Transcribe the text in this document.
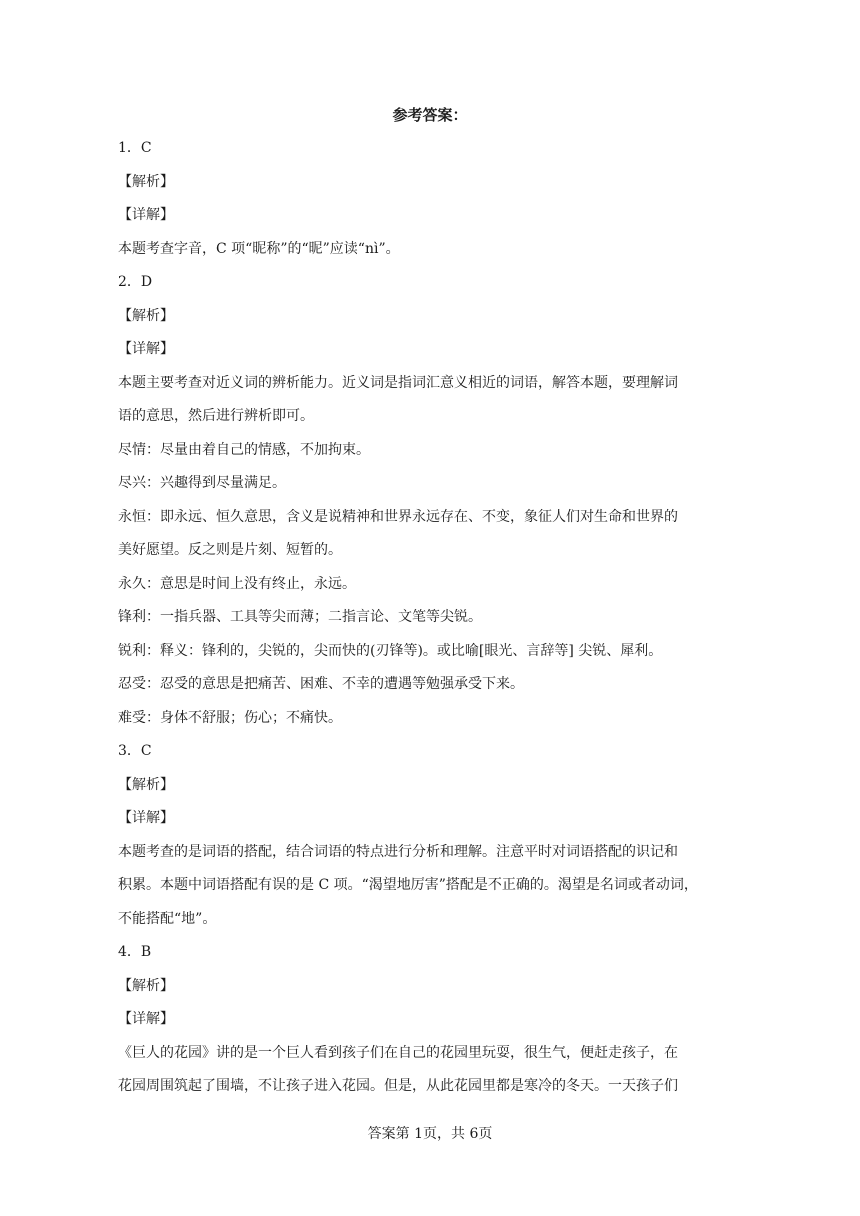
参考答案：
1．C
【解析】
【详解】
本题考查字音，C 项“昵称”的“昵”应读“nì”。
2．D
【解析】
【详解】
本题主要考查对近义词的辨析能力。近义词是指词汇意义相近的词语，解答本题，要理解词
语的意思，然后进行辨析即可。
尽情：尽量由着自己的情感，不加拘束。
尽兴：兴趣得到尽量满足。
永恒：即永远、恒久意思，含义是说精神和世界永远存在、不变，象征人们对生命和世界的
美好愿望。反之则是片刻、短暂的。
永久：意思是时间上没有终止，永远。
锋利：一指兵器、工具等尖而薄；二指言论、文笔等尖锐。
锐利：释义：锋利的，尖锐的，尖而快的(刃锋等)。或比喻[眼光、言辞等] 尖锐、犀利。
忍受：忍受的意思是把痛苦、困难、不幸的遭遇等勉强承受下来。
难受：身体不舒服；伤心；不痛快。
3．C
【解析】
【详解】
本题考查的是词语的搭配，结合词语的特点进行分析和理解。注意平时对词语搭配的识记和
积累。本题中词语搭配有误的是 C 项。“渴望地厉害”搭配是不正确的。渴望是名词或者动词，
不能搭配“地”。
4．B
【解析】
【详解】
《巨人的花园》讲的是一个巨人看到孩子们在自己的花园里玩耍，很生气，便赶走孩子，在
花园周围筑起了围墙，不让孩子进入花园。但是，从此花园里都是寒冷的冬天。一天孩子们
答案第 1页，共 6页
